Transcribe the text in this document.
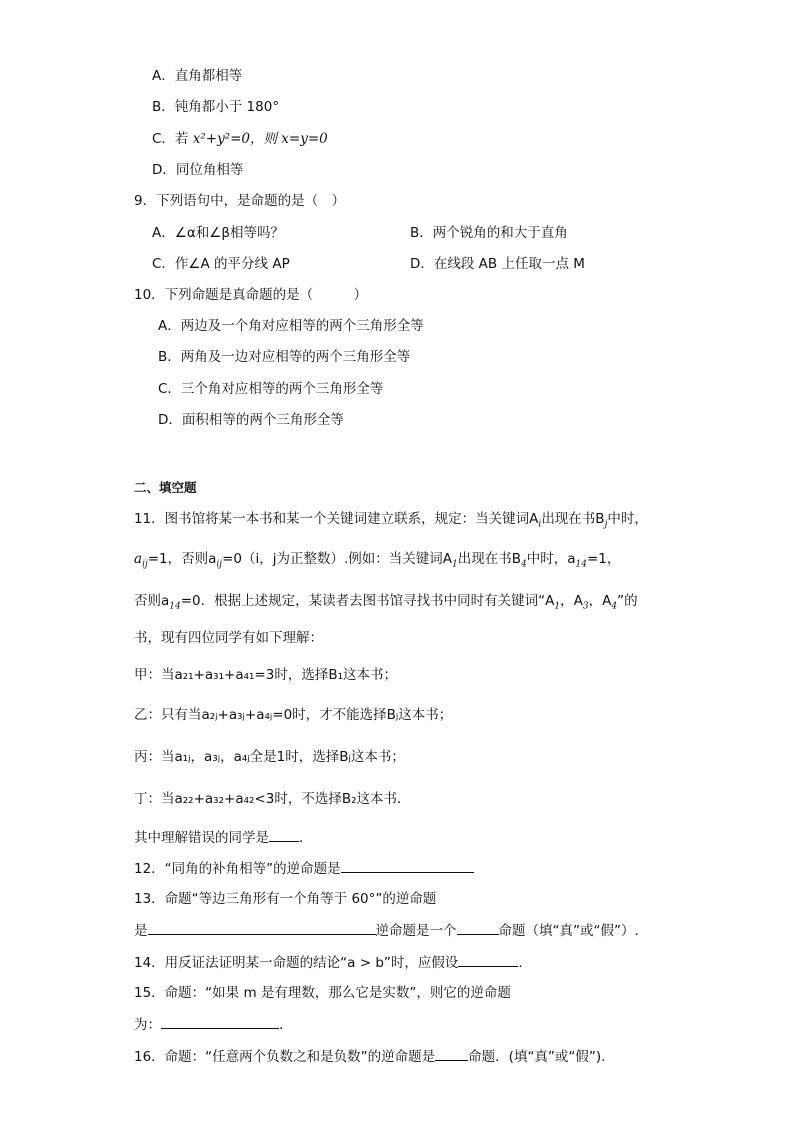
A．直角都相等
B．钝角都小于 180°
C．若 x²+y²=0，则 x=y=0
D．同位角相等
9．下列语句中，是命题的是（　）
A．∠α和∠β相等吗？	B．两个锐角的和大于直角
C．作∠A 的平分线 AP	D．在线段 AB 上任取一点 M
10．下列命题是真命题的是（　　　）
A．两边及一个角对应相等的两个三角形全等
B．两角及一边对应相等的两个三角形全等
C．三个角对应相等的两个三角形全等
D．面积相等的两个三角形全等
二、填空题
11．图书馆将某一本书和某一个关键词建立联系，规定：当关键词$A_i$出现在书$B_j$中时，
$a_{ij}=1$，否则$a_{ij}=0(i$，j为正整数）.例如：当关键词$A_1$出现在书$B_4$中时，$a_{14}=1$，
否则$a_{14}=0$．根据上述规定，某读者去图书馆寻找书中同时有关键词“$A_1$，$A_3$，$A_4$”的
书，现有四位同学有如下理解：
甲：当a₂₁+a₃₁+a₄₁=3时，选择B₁这本书；
乙：只有当a₂ⱼ+a₃ⱼ+a₄ⱼ=0时，才不能选择Bⱼ这本书；
丙：当a₁ⱼ，a₃ⱼ，a₄ⱼ全是1时，选择Bⱼ这本书；
丁：当a₂₂+a₃₂+a₄₂<3时，不选择B₂这本书．
其中理解错误的同学是 ．
12．“同角的补角相等”的逆命题是
13．命题“等边三角形有一个角等于 60°”的逆命题
是	逆命题是一个	命题（填“真”或“假”）.
14．用反证法证明某一命题的结论“a > b”时，应假设	．
15．命题：“如果 m 是有理数，那么它是实数”，则它的逆命题
为：	．
16．命题：“任意两个负数之和是负数”的逆命题是 命题．(填“真”或“假”).
